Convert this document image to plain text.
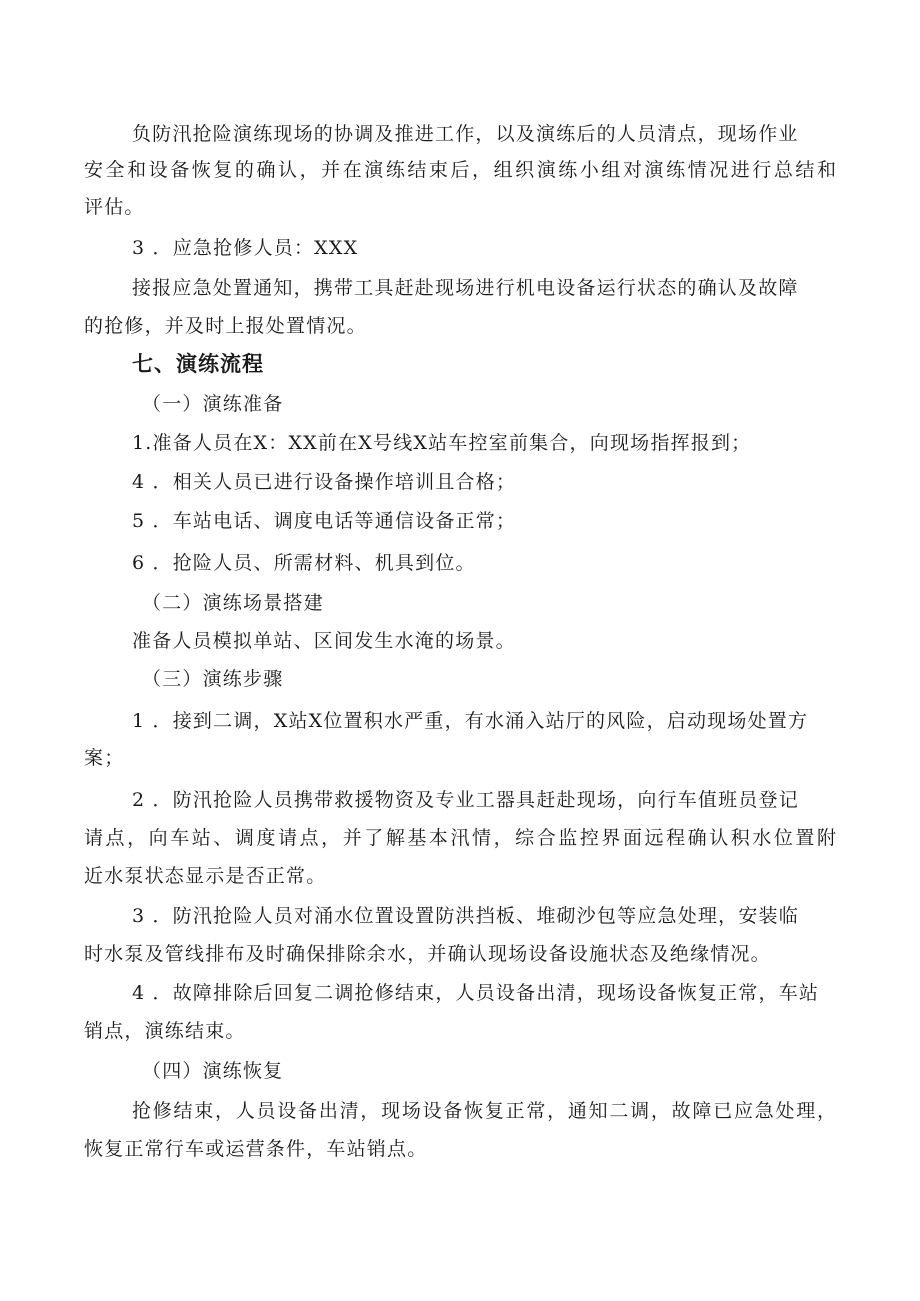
负防汛抢险演练现场的协调及推进工作，以及演练后的人员清点，现场作业
安全和设备恢复的确认，并在演练结束后，组织演练小组对演练情况进行总结和
评估。
3 ．应急抢修人员：XXX
接报应急处置通知，携带工具赶赴现场进行机电设备运行状态的确认及故障
的抢修，并及时上报处置情况。
七、演练流程
（一）演练准备
1.准备人员在X：XX前在X号线X站车控室前集合，向现场指挥报到；
4 ．相关人员已进行设备操作培训且合格；
5 ．车站电话、调度电话等通信设备正常；
6 ．抢险人员、所需材料、机具到位。
（二）演练场景搭建
准备人员模拟单站、区间发生水淹的场景。
（三）演练步骤
1 ．接到二调，X站X位置积水严重，有水涌入站厅的风险，启动现场处置方
案；
2 ．防汛抢险人员携带救援物资及专业工器具赶赴现场，向行车值班员登记
请点，向车站、调度请点，并了解基本汛情，综合监控界面远程确认积水位置附
近水泵状态显示是否正常。
3 ．防汛抢险人员对涌水位置设置防洪挡板、堆砌沙包等应急处理，安装临
时水泵及管线排布及时确保排除余水，并确认现场设备设施状态及绝缘情况。
4 ．故障排除后回复二调抢修结束，人员设备出清，现场设备恢复正常，车站
销点，演练结束。
（四）演练恢复
抢修结束，人员设备出清，现场设备恢复正常，通知二调，故障已应急处理，
恢复正常行车或运营条件，车站销点。
